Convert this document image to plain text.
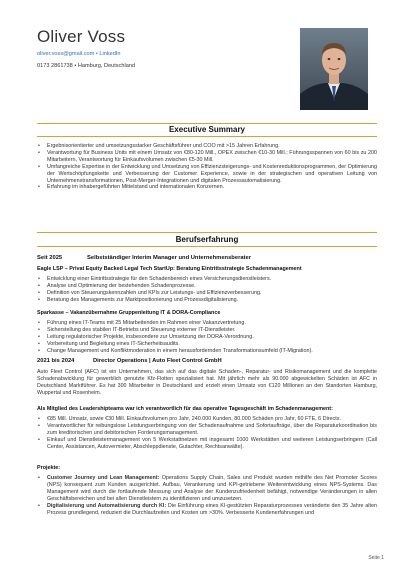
Oliver Voss
oliver.voss@gmail.com • LinkedIn
0173 2861738 • Hamburg, Deutschland
Executive Summary
• Ergebnisorientierter und umsetzungsstarker Geschäftsführer und COO mit >15 Jahren Erfahrung.
• Verantwortung für Business Units mit einem Umsatz von €80-120 Mill., OPEX zwischen €10-30 Mill.; Führungsspannen von 60 bis zu 200 Mitarbeitern, Verantwortung für Einkaufsvolumen zwischen €5-30 Mill.
• Umfangreiche Expertise in der Entwicklung und Umsetzung von Effizienzsteigerungs- und Kostenreduktionsprogrammen, der Optimierung der Wertschöpfungskette und Verbesserung der Customer Experience, sowie in der strategischen und operativen Leitung von Unternehmenstransformationen, Post-Merger-Integrationen und digitalen Prozessautomatisierung.
• Erfahrung im inhabergeführten Mittelstand und internationalen Konzernen.
Berufserfahrung
Seit 2025	Selbstständiger Interim Manager und Unternehmensberater
Eagle LSP – Privat Equity Backed Legal Tech StartUp: Beratung Eintrittsstrategie Schadenmanagement
• Entwicklung einer Eintrittsstrategie für den Schadenbereich eines Versicherungsdienstleisters.
• Analyse und Optimierung der bestehenden Schadenprozesse.
• Definition von Steuerungskennzahlen und KPIs zur Leistungs- und Effizienzverbesserung.
• Beratung des Managements zur Marktpositionierung und Prozessdigitalisierung.
Sparkasse – Vakanzübernahme Gruppenleitung IT & DORA-Compliance
• Führung eines IT-Teams mit 25 Mitarbeitenden im Rahmen einer Vakanzvertretung.
• Sicherstellung des stabilen IT-Betriebs und Steuerung externer IT-Dienstleister.
• Leitung regulatorischer Projekte, insbesondere zur Umsetzung der DORA-Verordnung.
• Vorbereitung und Begleitung eines IT-Sicherheitsaudits.
• Change Management und Konfliktmoderation in einem herausfordernden Transformationsumfeld (IT-Migration).
2021 bis 2024	Director Operations | Auto Fleet Control GmbH
Auto Fleet Control (AFC) ist ein Unternehmen, das sich auf das digitale Schaden-, Reparatur- und Risikomanagement und die komplette Schadenabwicklung für gewerblich genutzte Kfz-Flotten spezialisiert hat. Mit jährlich mehr als 90.000 abgewickelten Schäden ist AFC in Deutschland Marktführer. Es hat 300 Mitarbeiter in Deutschland und erzielt einen Umsatz von €120 Millionen an den Standorten Hamburg, Wuppertal und Rosenheim.
Als Mitglied des Leadershipteams war ich verantwortlich für das operative Tagesgeschäft im Schadenmanagement:
• €85 Mill. Umsatz, sowie €30 Mill. Einkaufsvolumen pro Jahr, 240.000 Kunden, 80.000 Schäden pro Jahr, 60 FTE, 6 Directs.
• Verantwortlicher für reibungslose Leistungserbringung von der Schadenaufnahme und Sofortaufträge, über die Reparaturkoordination bis zum kreditorischen und debitorischen Forderungsmanagement.
• Einkauf und Dienstleistermanagement von 5 Werkstattnetzen mit insgesamt 1000 Werkstätten und weiteren Leistungserbringern (Call Center, Assistancen, Autovermieter, Abschleppdienste, Gutachter, Rechtsanwälte).
Projekte:
• Customer Journey und Lean Management: Operations Supply Chain, Sales und Produkt wurden mithilfe des Net Promoter Scores (NPS) konsequent zum Kunden ausgerichtet. Aufbau, Verankerung und KPI-getriebene Weiterentwicklung eines NPS-Systems. Das Management wird durch die fortlaufende Messung und Analyse der Kundenzufriedenheit befähigt, notwendige Veränderungen in allen Geschäftsbereichen und bei allen Dienstleistern zu identifizieren und umzusetzen.
• Digitalisierung und Automatisierung durch KI: Die Einführung eines KI-gestützten Reparaturprozesses veränderte den 35 Jahre alten Prozess grundlegend, reduziert die Durchlaufzeiten und Kosten um >30%. Verbesserte Kundenerfahrungen und
Seite 1
